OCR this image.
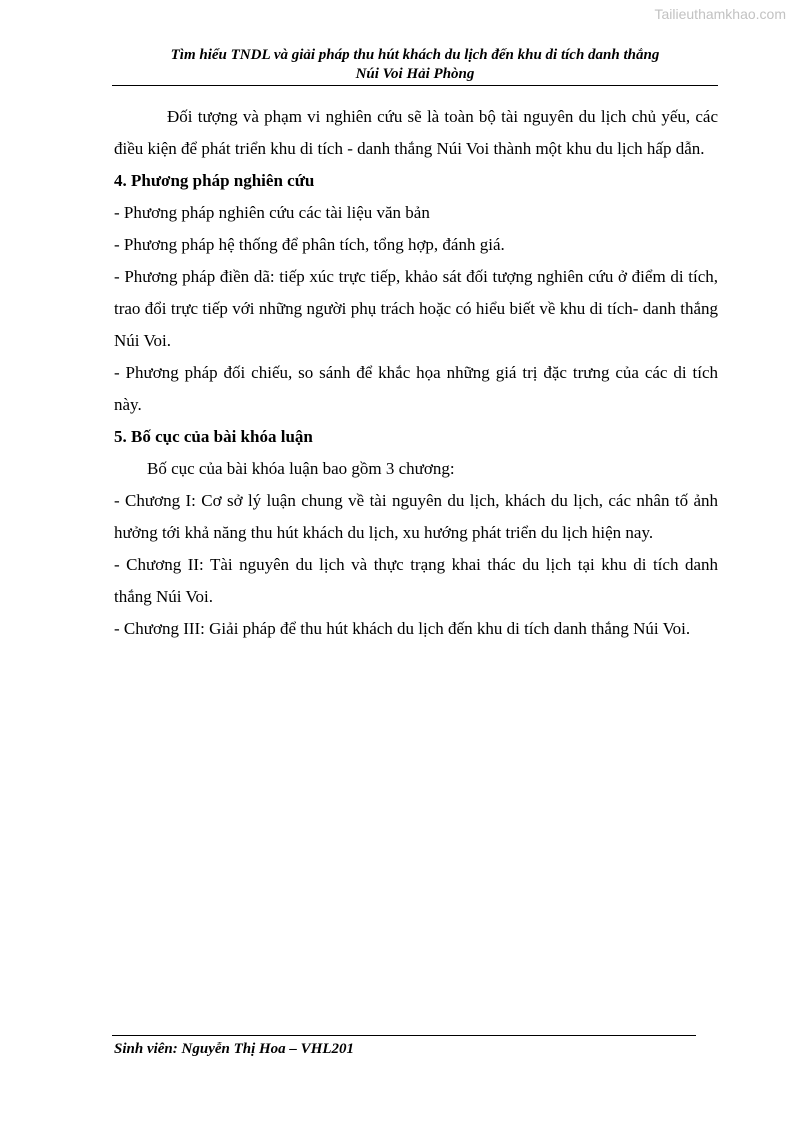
Tailieuthamkhao.com
Tìm hiểu TNDL và giải pháp thu hút khách du lịch đến khu di tích danh thắng
Núi Voi Hải Phòng

Đối tượng và phạm vi nghiên cứu sẽ là toàn bộ tài nguyên du lịch chủ yếu, các điều kiện để phát triển khu di tích - danh thắng Núi Voi thành một khu du lịch hấp dẫn.

4. Phương pháp nghiên cứu

- Phương pháp nghiên cứu các tài liệu văn bản

- Phương pháp hệ thống để phân tích, tổng hợp, đánh giá.

- Phương pháp điền dã: tiếp xúc trực tiếp, khảo sát đối tượng nghiên cứu ở điểm di tích, trao đổi trực tiếp với những người phụ trách hoặc có hiểu biết về khu di tích- danh thắng Núi Voi.

- Phương pháp đối chiếu, so sánh để khắc họa những giá trị đặc trưng của các di tích này.

5. Bố cục của bài khóa luận

Bố cục của bài khóa luận bao gồm 3 chương:

- Chương I: Cơ sở lý luận chung về tài nguyên du lịch, khách du lịch, các nhân tố ảnh hưởng tới khả năng thu hút khách du lịch, xu hướng phát triển du lịch hiện nay.

- Chương II: Tài nguyên du lịch và thực trạng khai thác du lịch tại khu di tích danh thắng Núi Voi.

- Chương III: Giải pháp để thu hút khách du lịch đến khu di tích danh thắng Núi Voi.

Sinh viên: Nguyễn Thị Hoa – VHL201
